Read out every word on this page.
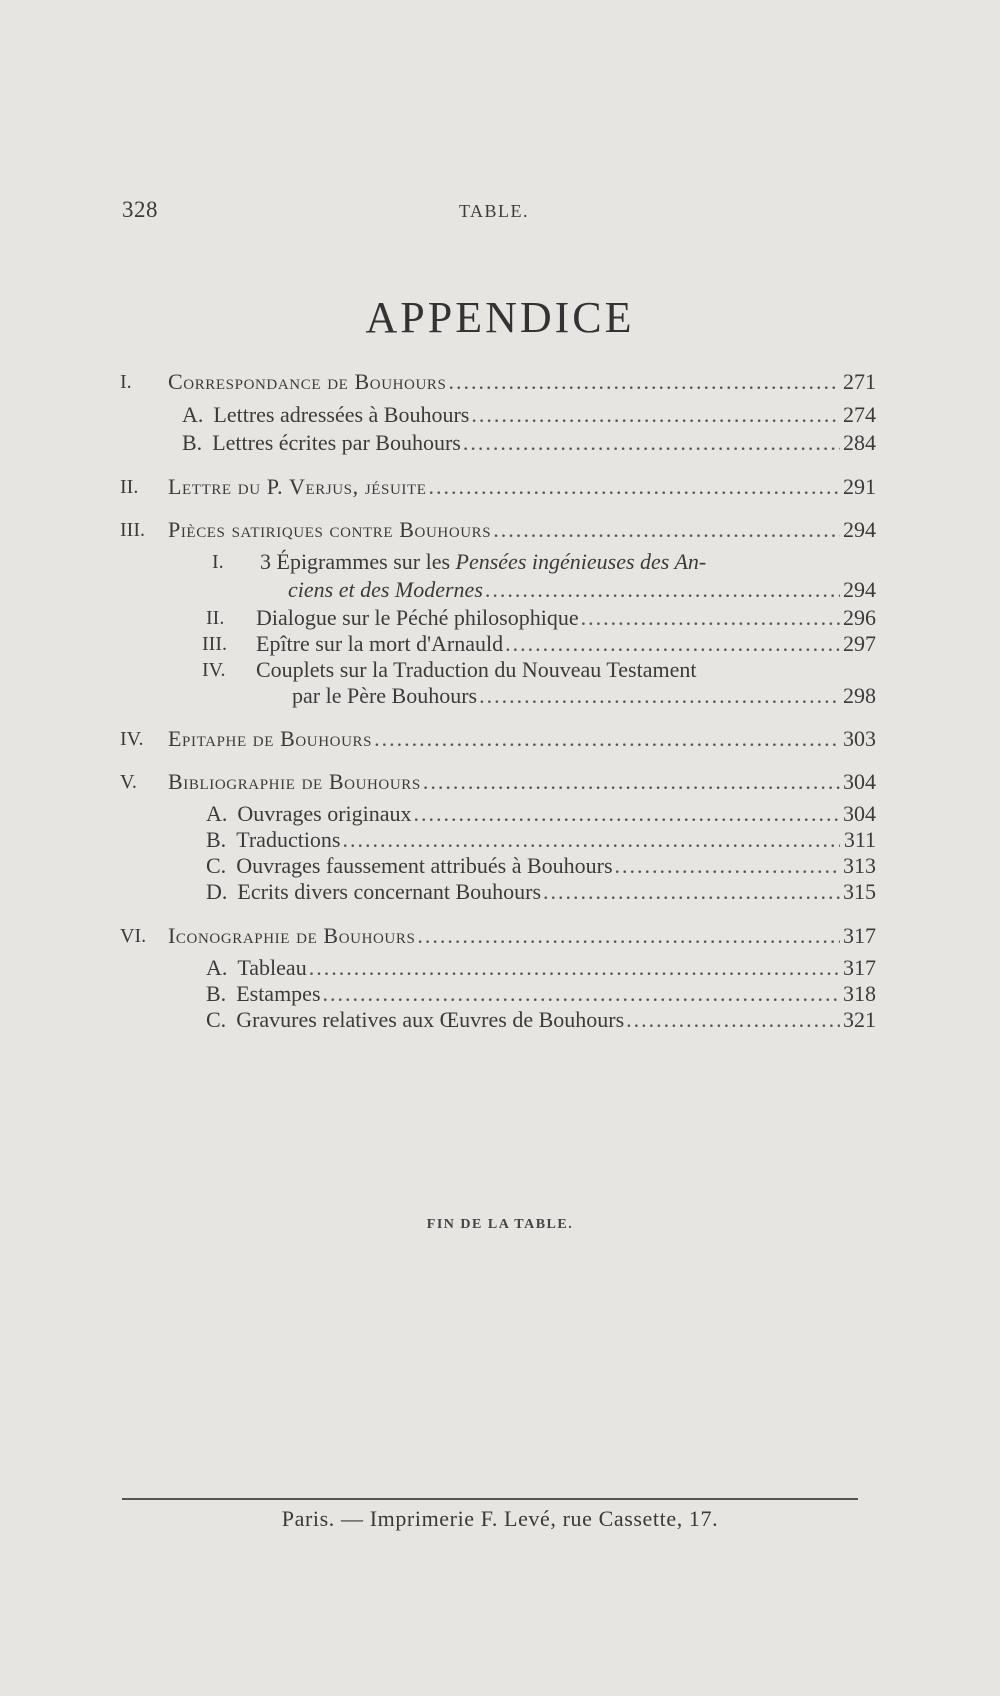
328	TABLE.
APPENDICE
I. Correspondance de Bouhours .....	271
A. Lettres adressées à Bouhours .....	274
B. Lettres écrites par Bouhours .....	284
II. Lettre du P. Verjus, jésuite .....	291
III. Pièces satiriques contre Bouhours .....	294
I. 3 Épigrammes sur les Pensées ingénieuses des An-
ciens et des Modernes .....	294
II. Dialogue sur le Péché philosophique .....	296
III. Epître sur la mort d'Arnauld .....	297
IV. Couplets sur la Traduction du Nouveau Testament
par le Père Bouhours .....	298
IV. Epitaphe de Bouhours .....	303
V. Bibliographie de Bouhours .....	304
A. Ouvrages originaux .....	304
B. Traductions .....	311
C. Ouvrages faussement attribués à Bouhours .....	313
D. Ecrits divers concernant Bouhours .....	315
VI. Iconographie de Bouhours .....	317
A. Tableau .....	317
B. Estampes .....	318
C. Gravures relatives aux Œuvres de Bouhours .....	321
FIN DE LA TABLE.
Paris. — Imprimerie F. Levé, rue Cassette, 17.
